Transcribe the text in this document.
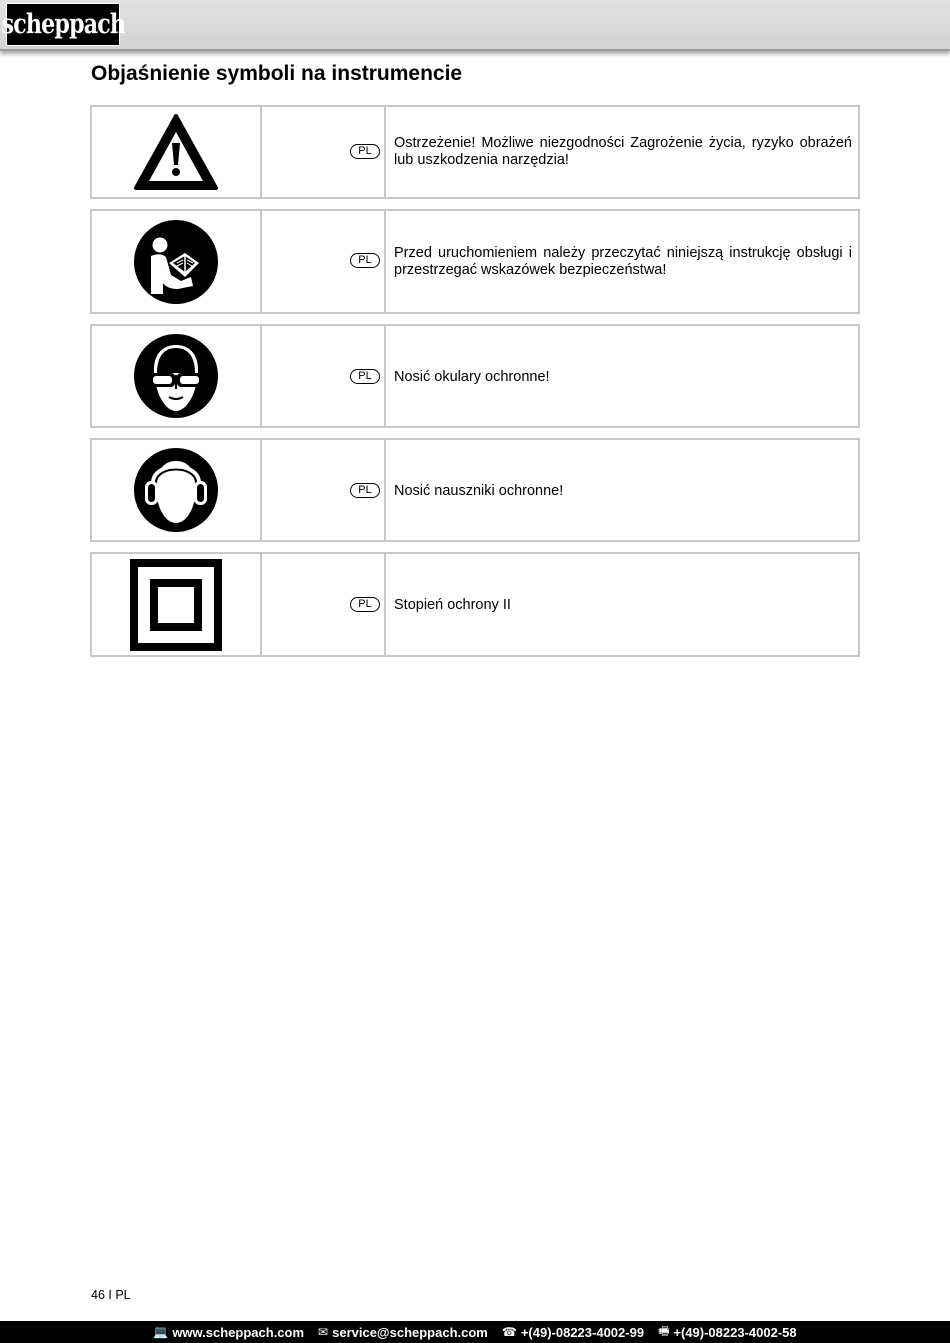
scheppach
Objaśnienie symboli na instrumencie
PL	Ostrzeżenie! Możliwe niezgodności Zagrożenie życia, ryzyko obrażeń lub uszkodzenia narzędzia!
PL	Przed uruchomieniem należy przeczytać niniejszą instrukcję obsługi i przestrzegać wskazówek bezpieczeństwa!
PL	Nosić okulary ochronne!
PL	Nosić nauszniki ochronne!
PL	Stopień ochrony II
46 I PL
💻 www.scheppach.com ✉ service@scheppach.com ☎ +(49)-08223-4002-99 🖷 +(49)-08223-4002-58
